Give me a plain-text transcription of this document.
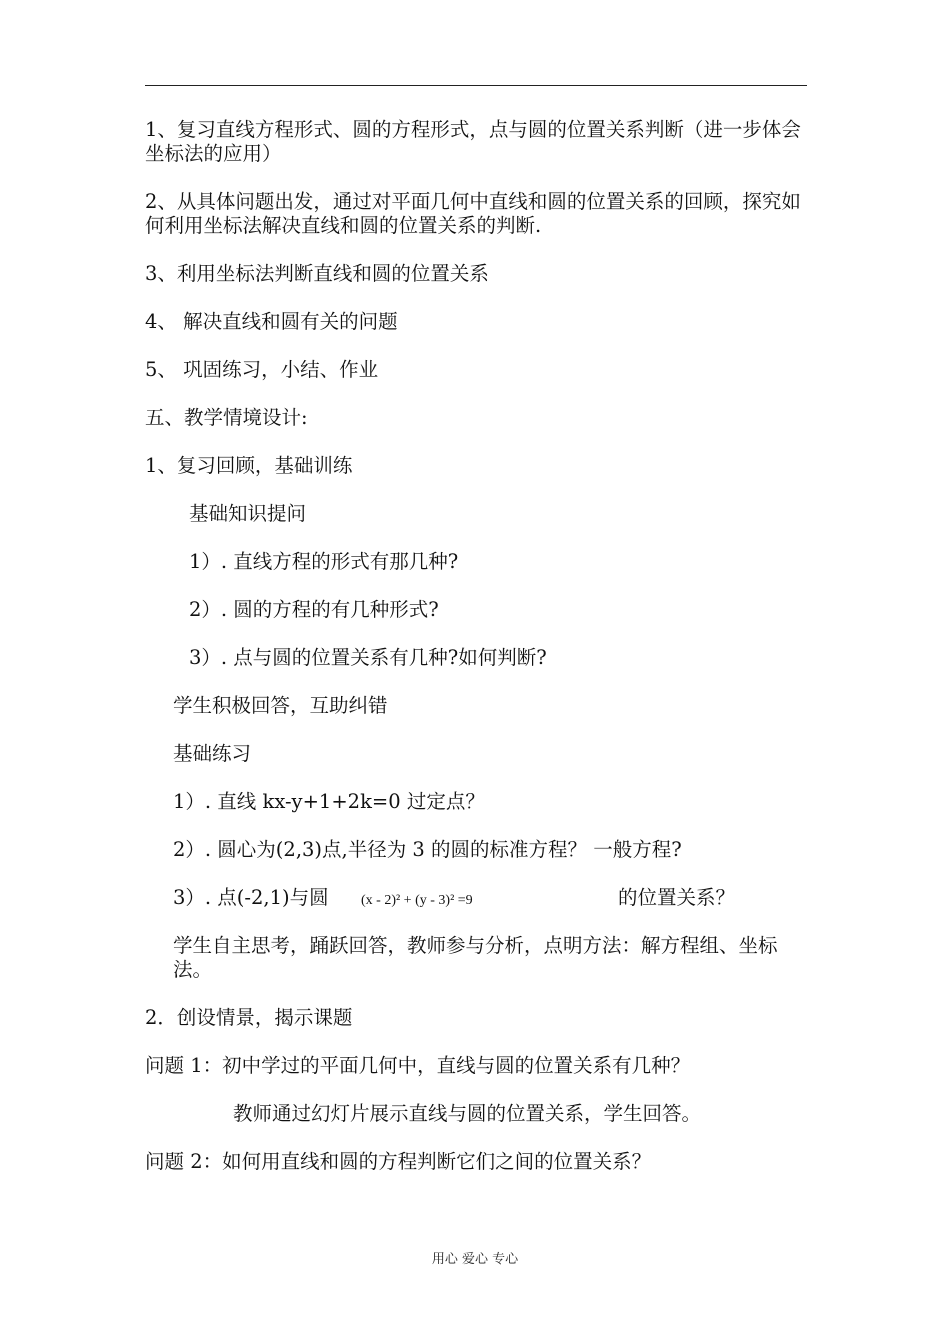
1、复习直线方程形式、圆的方程形式，点与圆的位置关系判断（进一步体会坐标法的应用）

2、从具体问题出发，通过对平面几何中直线和圆的位置关系的回顾，探究如何利用坐标法解决直线和圆的位置关系的判断.

3、利用坐标法判断直线和圆的位置关系

4、 解决直线和圆有关的问题

5、 巩固练习，小结、作业

五、教学情境设计:

1、复习回顾，基础训练

基础知识提问

1）. 直线方程的形式有那几种?

2）. 圆的方程的有几种形式?

3）. 点与圆的位置关系有几种?如何判断?

学生积极回答，互助纠错

基础练习

1）. 直线 kx-y+1+2k=0 过定点？

2）. 圆心为(2,3)点,半径为 3 的圆的标准方程？ 一般方程?

3）. 点(-2,1)与圆 (x - 2)² + (y - 3)² =9	的位置关系？

学生自主思考，踊跃回答，教师参与分析，点明方法：解方程组、坐标法。

2．创设情景，揭示课题

问题 1：初中学过的平面几何中，直线与圆的位置关系有几种？

教师通过幻灯片展示直线与圆的位置关系，学生回答。

问题 2：如何用直线和圆的方程判断它们之间的位置关系？

用心 爱心 专心
